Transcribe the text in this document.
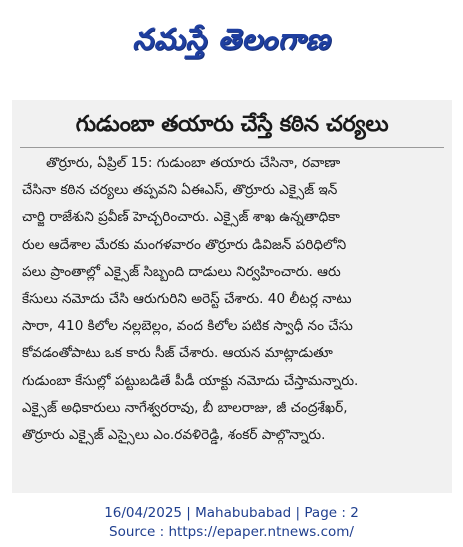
నమస్తే తెలంగాణ
గుడుంబా తయారు చేస్తే కఠిన చర్యలు
తొర్రూరు, ఏప్రిల్ 15: గుడుంబా తయారు చేసినా, రవాణా
చేసినా కఠిన చర్యలు తప్పవని ఏఈఎస్, తొర్రూరు ఎక్సైజ్ ఇన్
చార్జి రాజేశుని ప్రవీణ్ హెచ్చరించారు. ఎక్సైజ్ శాఖ ఉన్నతాధికా
రుల ఆదేశాల మేరకు మంగళవారం తొర్రూరు డివిజన్ పరిధిలోని
పలు ప్రాంతాల్లో ఎక్సైజ్ సిబ్బంది దాడులు నిర్వహించారు. ఆరు
కేసులు నమోదు చేసి ఆరుగురిని అరెస్ట్ చేశారు. 40 లీటర్ల నాటు
సారా, 410 కిలోల నల్లబెల్లం, వంద కిలోల పటిక స్వాధీ నం చేసు
కోవడంతోపాటు ఒక కారు సీజ్ చేశారు. ఆయన మాట్లాడుతూ
గుడుంబా కేసుల్లో పట్టుబడితే పీడీ యాక్టు నమోదు చేస్తామన్నారు.
ఎక్సైజ్ అధికారులు నాగేశ్వరరావు, బీ బాలరాజు, జీ చంద్రశేఖర్,
తొర్రూరు ఎక్సైజ్ ఎస్సైలు ఎం.రవళిరెడ్డి, శంకర్ పాల్గొన్నారు.
16/04/2025 | Mahabubabad | Page : 2
Source : https://epaper.ntnews.com/
